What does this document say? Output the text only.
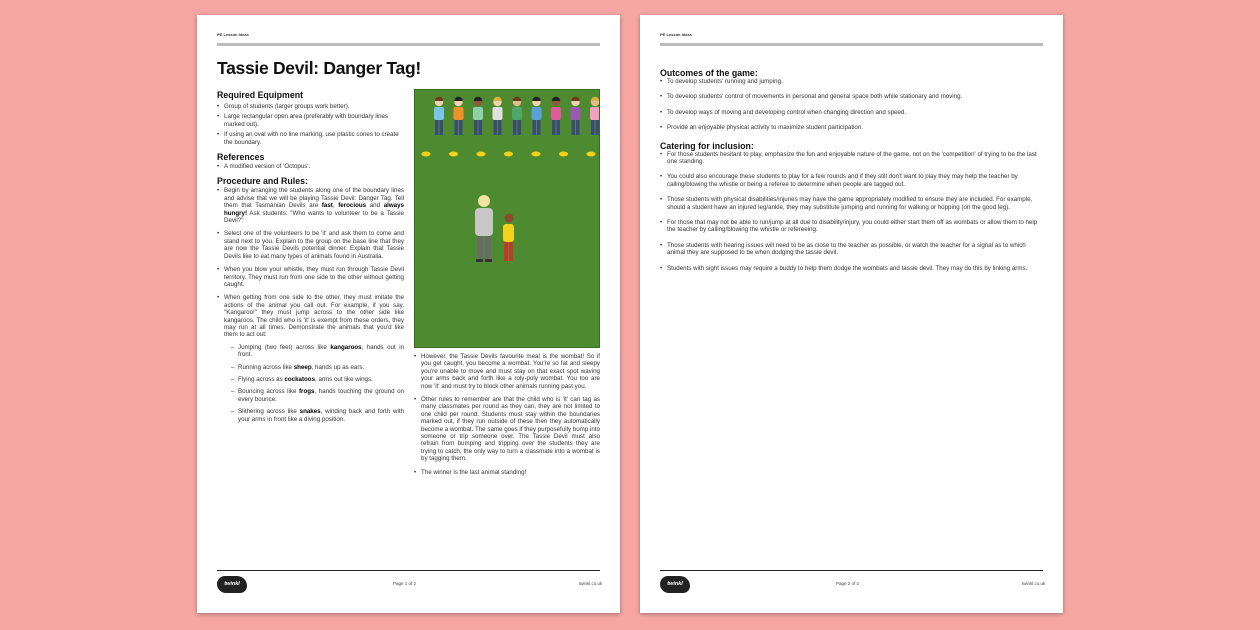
PE Lesson Ideas
Tassie Devil: Danger Tag!
Required Equipment
• Group of students (larger groups work better).
• Large rectangular open area (preferably with boundary lines marked out).
• If using an oval with no line marking, use plastic cones to create the boundary.
References
• A modified version of 'Octopus'.
Procedure and Rules:
• Begin by arranging the students along one of the boundary lines and advise that we will be playing Tassie Devil: Danger Tag. Tell them that Tasmanian Devils are fast, ferocious and always hungry! Ask students: "Who wants to volunteer to be a Tassie Devil?"
• Select one of the volunteers to be 'it' and ask them to come and stand next to you. Explain to the group on the base line that they are now the Tassie Devils potential dinner. Explain that Tassie Devils like to eat many types of animals found in Australia.
• When you blow your whistle, they must run through Tassie Devil territory. They must run from one side to the other without getting caught.
• When getting from one side to the other, they must imitate the actions of the animal you call out. For example, if you say, "Kangaroo!" they must jump across to the other side like kangaroos. The child who is 'it' is exempt from these orders, they may run at all times. Demonstrate the animals that you'd like them to act out:
– Jumping (two feet) across like kangaroos, hands out in front.
– Running across like sheep, hands up as ears.
– Flying across as cockatoos, arms out like wings.
– Bouncing across like frogs, hands touching the ground on every bounce.
– Slithering across like snakes, winding back and forth with your arms in front like a diving position.
• However, the Tassie Devils favourite meal is the wombat! So if you get caught, you become a wombat. You're so fat and sleepy you're unable to move and must stay on that exact spot waving your arms back and forth like a roly-poly wombat. You too are now 'it' and must try to block other animals running past you.
• Other rules to remember are that the child who is 'it' can tag as many classmates per round as they can, they are not limited to one child per round. Students must stay within the boundaries marked out, if they run outside of these then they automatically become a wombat. The same goes if they purposefully bump into someone or trip someone over. The Tassie Devil must also refrain from bumping and tripping over the students they are trying to catch, the only way to turn a classmate into a wombat is by tagging them.
• The winner is the last animal standing!
twinkl	Page 1 of 2	twinkl.co.uk
PE Lesson Ideas
Outcomes of the game:
• To develop students' running and jumping.
• To develop students' control of movements in personal and general space both while stationary and moving.
• To develop ways of moving and developing control when changing direction and speed.
• Provide an enjoyable physical activity to maximize student participation.
Catering for inclusion:
• For those students hesitant to play, emphasize the fun and enjoyable nature of the game, not on the 'competition' of trying to be the last one standing.
• You could also encourage these students to play for a few rounds and if they still don't want to play they may help the teacher by calling/blowing the whistle or being a referee to determine when people are tagged out.
• Those students with physical disabilities/injuries may have the game appropriately modified to ensure they are included. For example, should a student have an injured leg/ankle, they may substitute jumping and running for walking or hopping (on the good leg).
• For those that may not be able to run/jump at all due to disability/injury, you could either start them off as wombats or allow them to help the teacher by calling/blowing the whistle or refereeing.
• Those students with hearing issues will need to be as close to the teacher as possible, or watch the teacher for a signal as to which animal they are supposed to be when dodging the tassie devil.
• Students with sight issues may require a buddy to help them dodge the wombats and tassie devil. They may do this by linking arms.
twinkl	Page 2 of 2	twinkl.co.uk
